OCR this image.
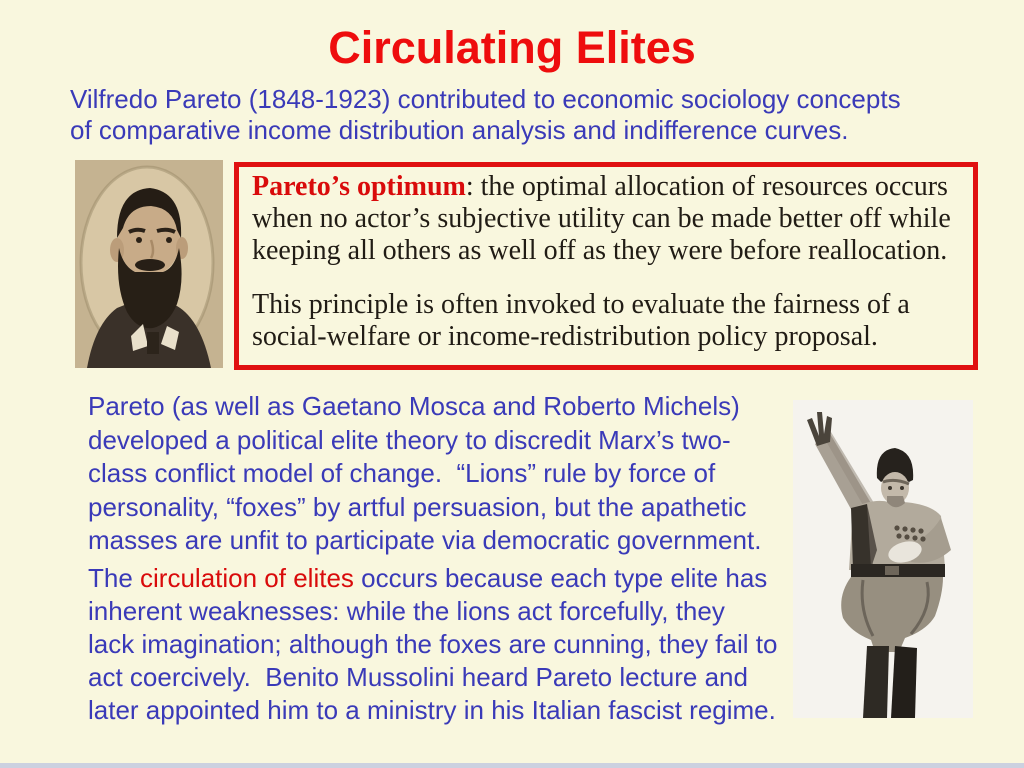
Circulating Elites
Vilfredo Pareto (1848-1923) contributed to economic sociology concepts
of comparative income distribution analysis and indifference curves.
Pareto’s optimum: the optimal allocation of resources occurs
when no actor’s subjective utility can be made better off while
keeping all others as well off as they were before reallocation.
This principle is often invoked to evaluate the fairness of a
social-welfare or income-redistribution policy proposal.
Pareto (as well as Gaetano Mosca and Roberto Michels)
developed a political elite theory to discredit Marx’s two-
class conflict model of change.  “Lions” rule by force of
personality, “foxes” by artful persuasion, but the apathetic
masses are unfit to participate via democratic government.
The circulation of elites occurs because each type elite has
inherent weaknesses: while the lions act forcefully, they
lack imagination; although the foxes are cunning, they fail to
act coercively.  Benito Mussolini heard Pareto lecture and
later appointed him to a ministry in his Italian fascist regime.
